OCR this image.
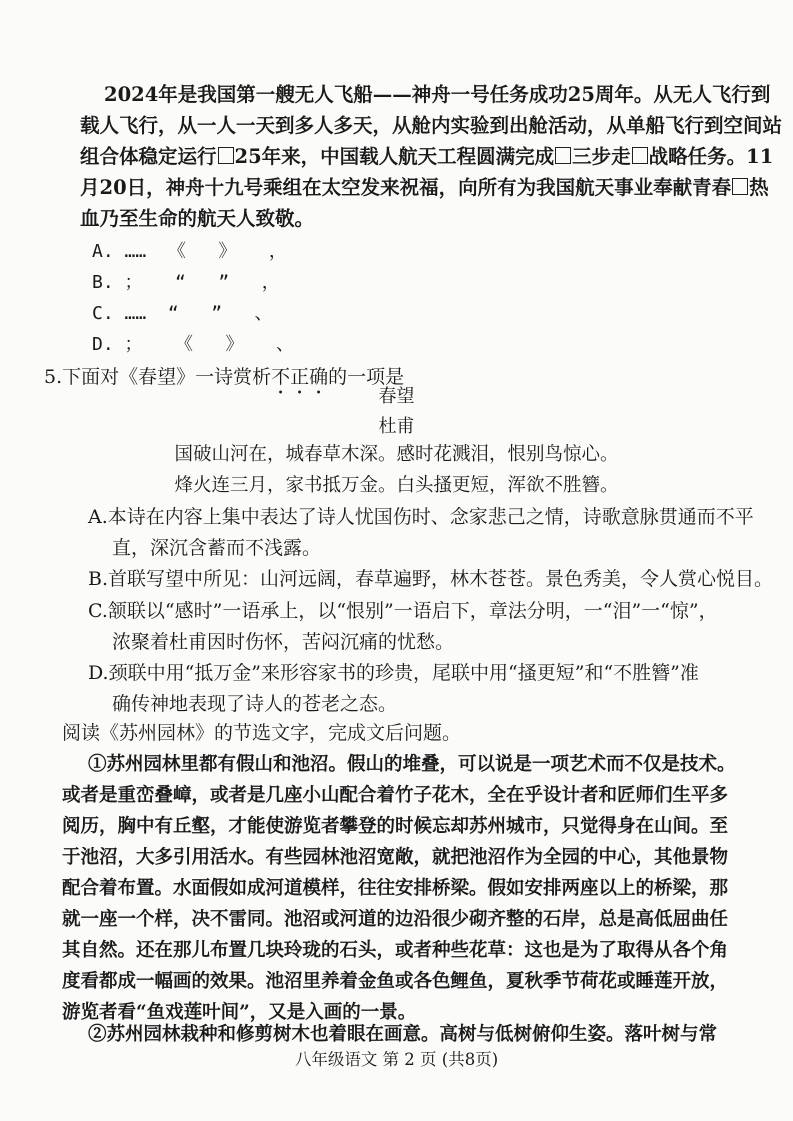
2024年是我国第一艘无人飞船——神舟一号任务成功25周年。从无人飞行到
载人飞行，从一人一天到多人多天，从舱内实验到出舱活动，从单船飞行到空间站
组合体稳定运行 25年来，中国载人航天工程圆满完成 三步走 战略任务。11
月20日，神舟十九号乘组在太空发来祝福，向所有为我国航天事业奉献青春 热
血乃至生命的航天人致敬。
A. ……  《   》   ，
B. ；   “   ”   ，
C. ……  “   ”   、
D. ；   《   》   、
5.下面对《春望》一诗赏析不正确的一项是
春望
杜甫
国破山河在，城春草木深。感时花溅泪，恨别鸟惊心。
烽火连三月，家书抵万金。白头搔更短，浑欲不胜簪。
A.本诗在内容上集中表达了诗人忧国伤时、念家悲己之情，诗歌意脉贯通而不平
直，深沉含蓄而不浅露。
B.首联写望中所见：山河远阔，春草遍野，林木苍苍。景色秀美，令人赏心悦目。
C.颔联以“感时”一语承上，以“恨别”一语启下，章法分明，一“泪”一“惊”，
浓聚着杜甫因时伤怀，苦闷沉痛的忧愁。
D.颈联中用“抵万金”来形容家书的珍贵，尾联中用“搔更短”和“不胜簪”准
确传神地表现了诗人的苍老之态。
阅读《苏州园林》的节选文字，完成文后问题。
①苏州园林里都有假山和池沼。假山的堆叠，可以说是一项艺术而不仅是技术。
或者是重峦叠嶂，或者是几座小山配合着竹子花木，全在乎设计者和匠师们生平多
阅历，胸中有丘壑，才能使游览者攀登的时候忘却苏州城市，只觉得身在山间。至
于池沼，大多引用活水。有些园林池沼宽敞，就把池沼作为全园的中心，其他景物
配合着布置。水面假如成河道模样，往往安排桥梁。假如安排两座以上的桥梁，那
就一座一个样，决不雷同。池沼或河道的边沿很少砌齐整的石岸，总是高低屈曲任
其自然。还在那儿布置几块玲珑的石头，或者种些花草：这也是为了取得从各个角
度看都成一幅画的效果。池沼里养着金鱼或各色鲤鱼，夏秋季节荷花或睡莲开放，
游览者看“鱼戏莲叶间”，又是入画的一景。
②苏州园林栽种和修剪树木也着眼在画意。高树与低树俯仰生姿。落叶树与常
八年级语文 第 2 页 (共8页)
